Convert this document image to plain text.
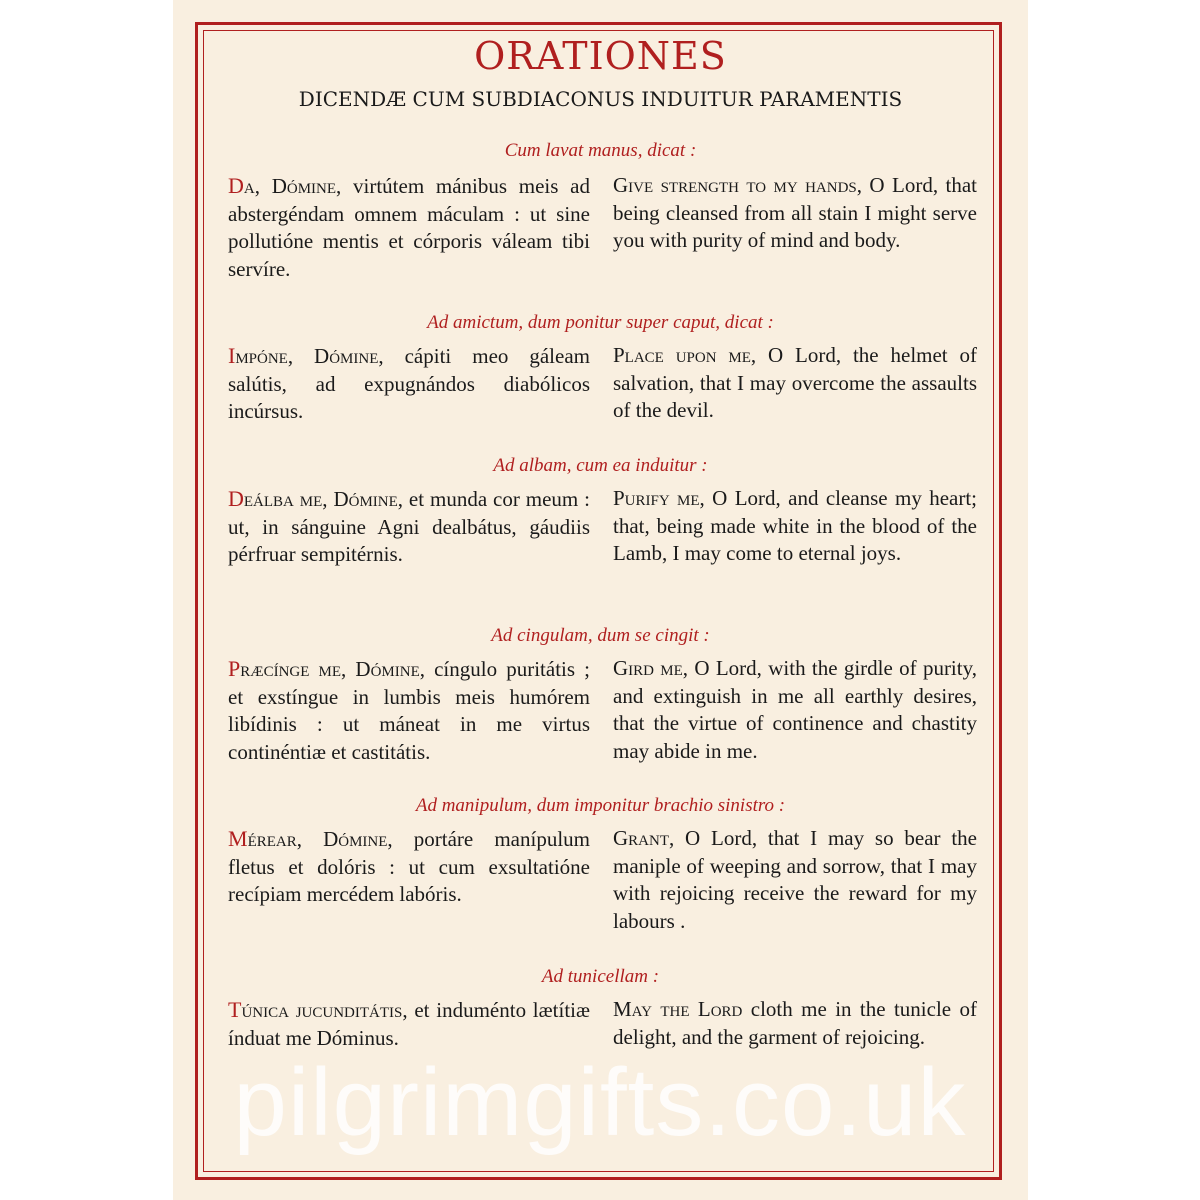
ORATIONES
DICENDÆ CUM SUBDIACONUS INDUITUR PARAMENTIS
Cum lavat manus, dicat :
Da, Dómine, virtútem mánibus meis ad abstergéndam omnem máculam : ut sine pollutióne mentis et córporis váleam tibi servíre.
Give strength to my hands, O Lord, that being cleansed from all stain I might serve you with purity of mind and body.
Ad amictum, dum ponitur super caput, dicat :
Impóne, Dómine, cápiti meo gáleam salútis, ad expugnándos diabólicos incúrsus.
Place upon me, O Lord, the helmet of salvation, that I may overcome the assaults of the devil.
Ad albam, cum ea induitur :
Deálba me, Dómine, et munda cor meum : ut, in sánguine Agni dealbátus, gáudiis pérfruar sempitérnis.
Purify me, O Lord, and cleanse my heart; that, being made white in the blood of the Lamb, I may come to eternal joys.
Ad cingulam, dum se cingit :
Præcínge me, Dómine, cíngulo puritátis ; et exstíngue in lumbis meis humórem libídinis : ut máneat in me virtus continéntiæ et castitátis.
Gird me, O Lord, with the girdle of purity, and extinguish in me all earthly desires, that the virtue of continence and chastity may abide in me.
Ad manipulum, dum imponitur brachio sinistro :
Mérear, Dómine, portáre manípulum fletus et dolóris : ut cum exsultatióne recípiam mercédem labóris.
Grant, O Lord, that I may so bear the maniple of weeping and sorrow, that I may with rejoicing receive the reward for my labours .
Ad tunicellam :
Túnica jucunditátis, et induménto lætítiæ índuat me Dóminus.
May the Lord cloth me in the tunicle of delight, and the garment of rejoicing.
pilgrimgifts.co.uk
